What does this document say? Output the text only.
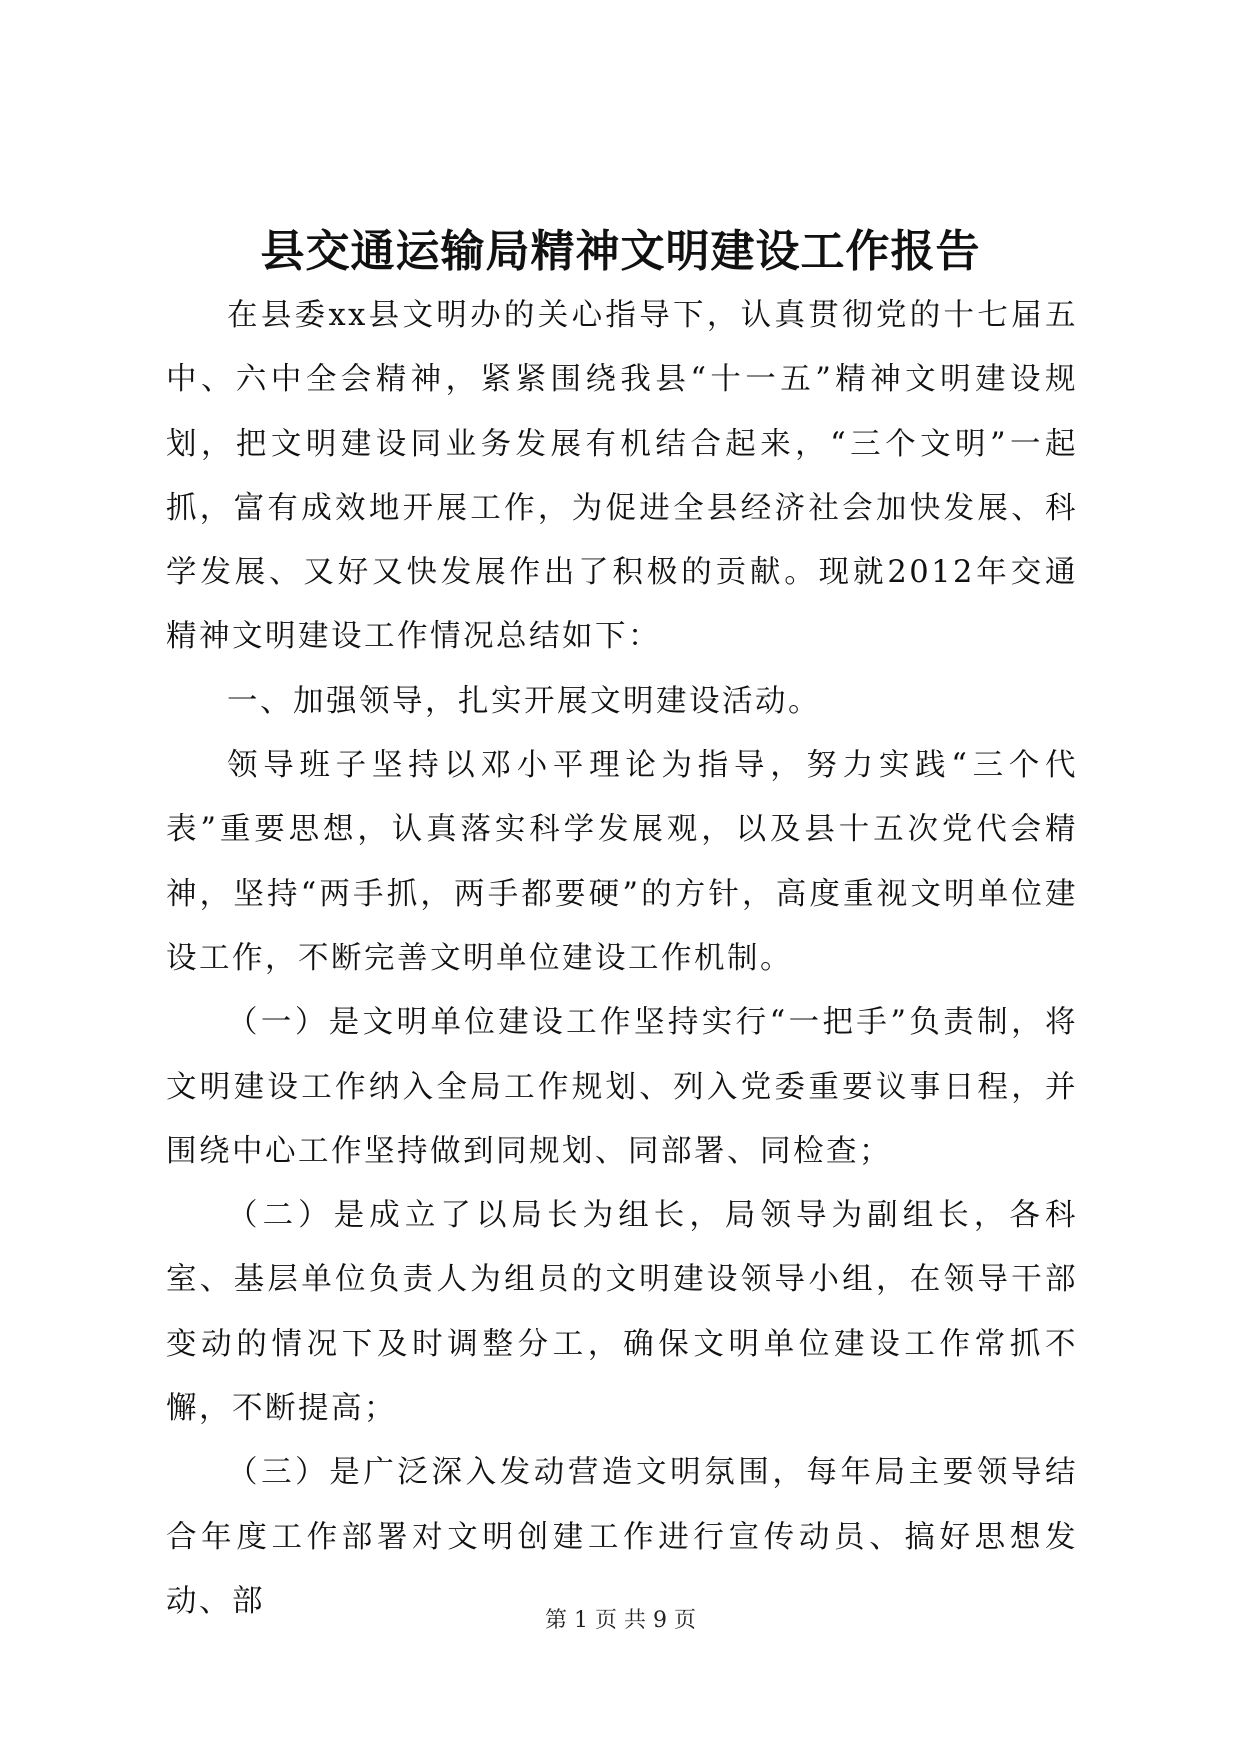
县交通运输局精神文明建设工作报告

在县委xx县文明办的关心指导下，认真贯彻党的十七届五中、六中全会精神，紧紧围绕我县“十一五”精神文明建设规划，把文明建设同业务发展有机结合起来，“三个文明”一起抓，富有成效地开展工作，为促进全县经济社会加快发展、科学发展、又好又快发展作出了积极的贡献。现就2012年交通精神文明建设工作情况总结如下：

一、加强领导，扎实开展文明建设活动。

领导班子坚持以邓小平理论为指导，努力实践“三个代表”重要思想，认真落实科学发展观，以及县十五次党代会精神，坚持“两手抓，两手都要硬”的方针，高度重视文明单位建设工作，不断完善文明单位建设工作机制。

（一）是文明单位建设工作坚持实行“一把手”负责制，将文明建设工作纳入全局工作规划、列入党委重要议事日程，并围绕中心工作坚持做到同规划、同部署、同检查；

（二）是成立了以局长为组长，局领导为副组长，各科室、基层单位负责人为组员的文明建设领导小组，在领导干部变动的情况下及时调整分工，确保文明单位建设工作常抓不懈，不断提高；

（三）是广泛深入发动营造文明氛围，每年局主要领导结合年度工作部署对文明创建工作进行宣传动员、搞好思想发动、部

第 1 页 共 9 页
